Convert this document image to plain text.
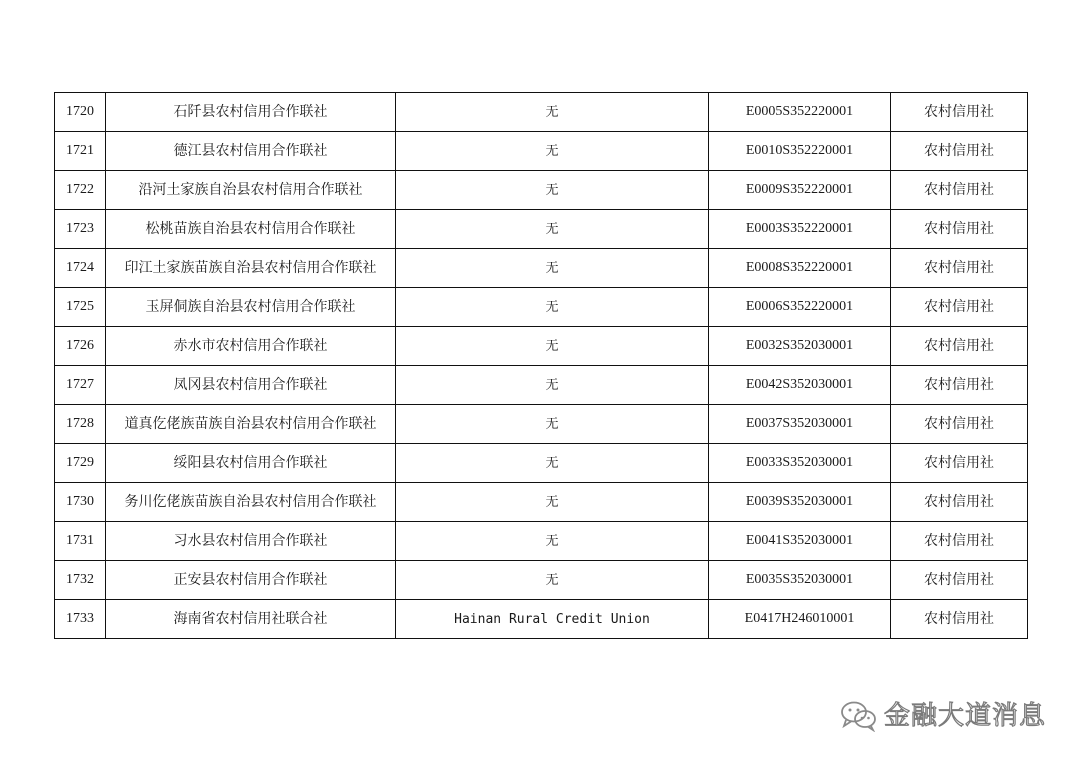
1720	石阡县农村信用合作联社	无	E0005S352220001	农村信用社
1721	德江县农村信用合作联社	无	E0010S352220001	农村信用社
1722	沿河土家族自治县农村信用合作联社	无	E0009S352220001	农村信用社
1723	松桃苗族自治县农村信用合作联社	无	E0003S352220001	农村信用社
1724	印江土家族苗族自治县农村信用合作联社	无	E0008S352220001	农村信用社
1725	玉屏侗族自治县农村信用合作联社	无	E0006S352220001	农村信用社
1726	赤水市农村信用合作联社	无	E0032S352030001	农村信用社
1727	凤冈县农村信用合作联社	无	E0042S352030001	农村信用社
1728	道真仡佬族苗族自治县农村信用合作联社	无	E0037S352030001	农村信用社
1729	绥阳县农村信用合作联社	无	E0033S352030001	农村信用社
1730	务川仡佬族苗族自治县农村信用合作联社	无	E0039S352030001	农村信用社
1731	习水县农村信用合作联社	无	E0041S352030001	农村信用社
1732	正安县农村信用合作联社	无	E0035S352030001	农村信用社
1733	海南省农村信用社联合社	Hainan Rural Credit Union	E0417H246010001	农村信用社
金融大道消息
